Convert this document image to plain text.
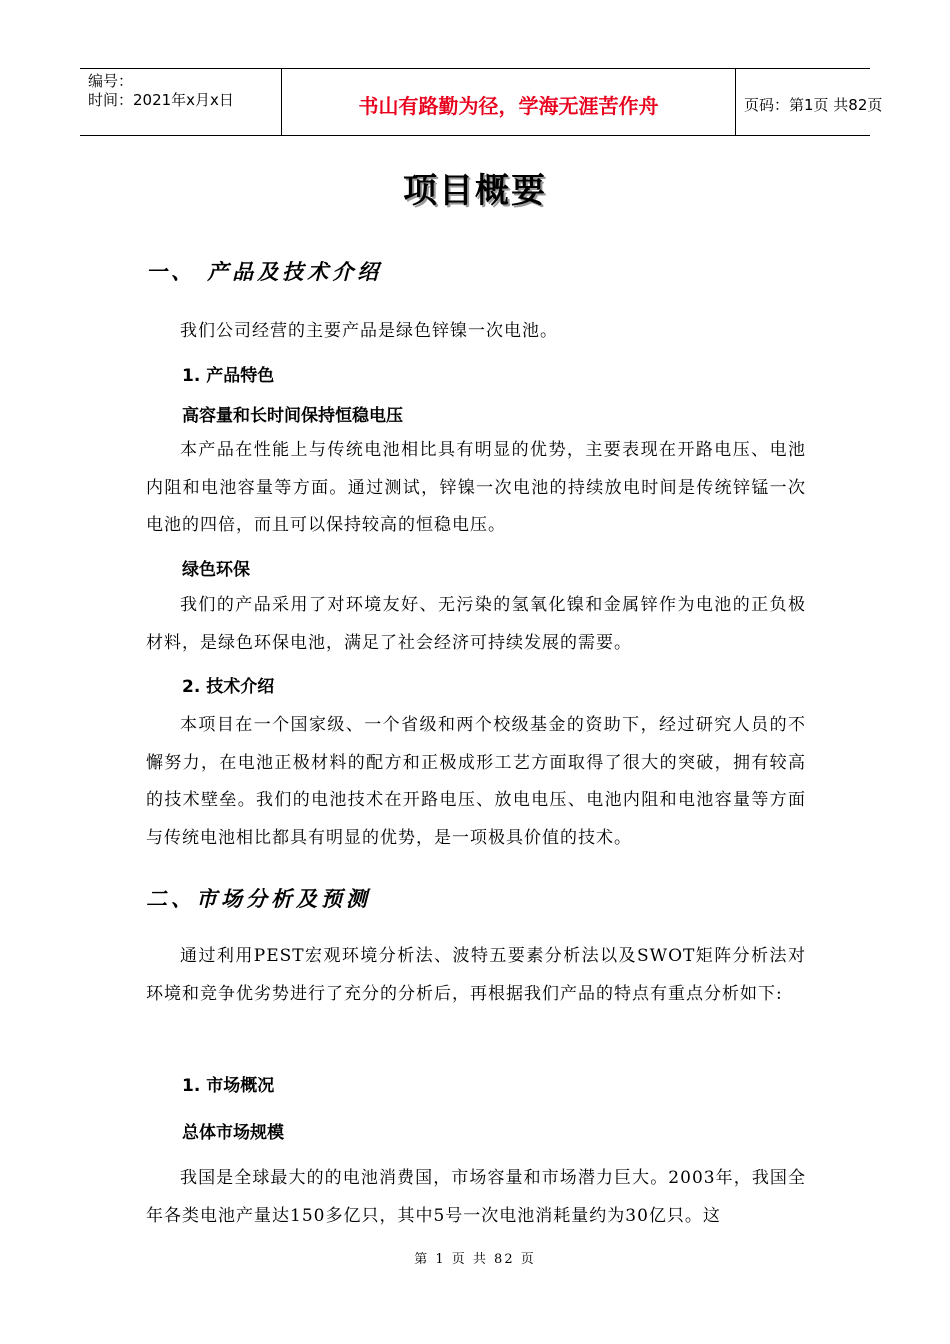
编号：
时间：2021年x月x日	书山有路勤为径，学海无涯苦作舟	页码：第1页 共82页
项目概要
一、 产品及技术介绍
我们公司经营的主要产品是绿色锌镍一次电池。
1. 产品特色
高容量和长时间保持恒稳电压
本产品在性能上与传统电池相比具有明显的优势，主要表现在开路电压、电池内阻和电池容量等方面。通过测试，锌镍一次电池的持续放电时间是传统锌锰一次电池的四倍，而且可以保持较高的恒稳电压。
绿色环保
我们的产品采用了对环境友好、无污染的氢氧化镍和金属锌作为电池的正负极材料，是绿色环保电池，满足了社会经济可持续发展的需要。
2. 技术介绍
本项目在一个国家级、一个省级和两个校级基金的资助下，经过研究人员的不懈努力，在电池正极材料的配方和正极成形工艺方面取得了很大的突破，拥有较高的技术壁垒。我们的电池技术在开路电压、放电电压、电池内阻和电池容量等方面与传统电池相比都具有明显的优势，是一项极具价值的技术。
二、市场分析及预测
通过利用PEST宏观环境分析法、波特五要素分析法以及SWOT矩阵分析法对环境和竞争优劣势进行了充分的分析后，再根据我们产品的特点有重点分析如下:
1. 市场概况
总体市场规模
我国是全球最大的的电池消费国，市场容量和市场潜力巨大。2003年，我国全年各类电池产量达150多亿只，其中5号一次电池消耗量约为30亿只。这
第 1 页 共 82 页
